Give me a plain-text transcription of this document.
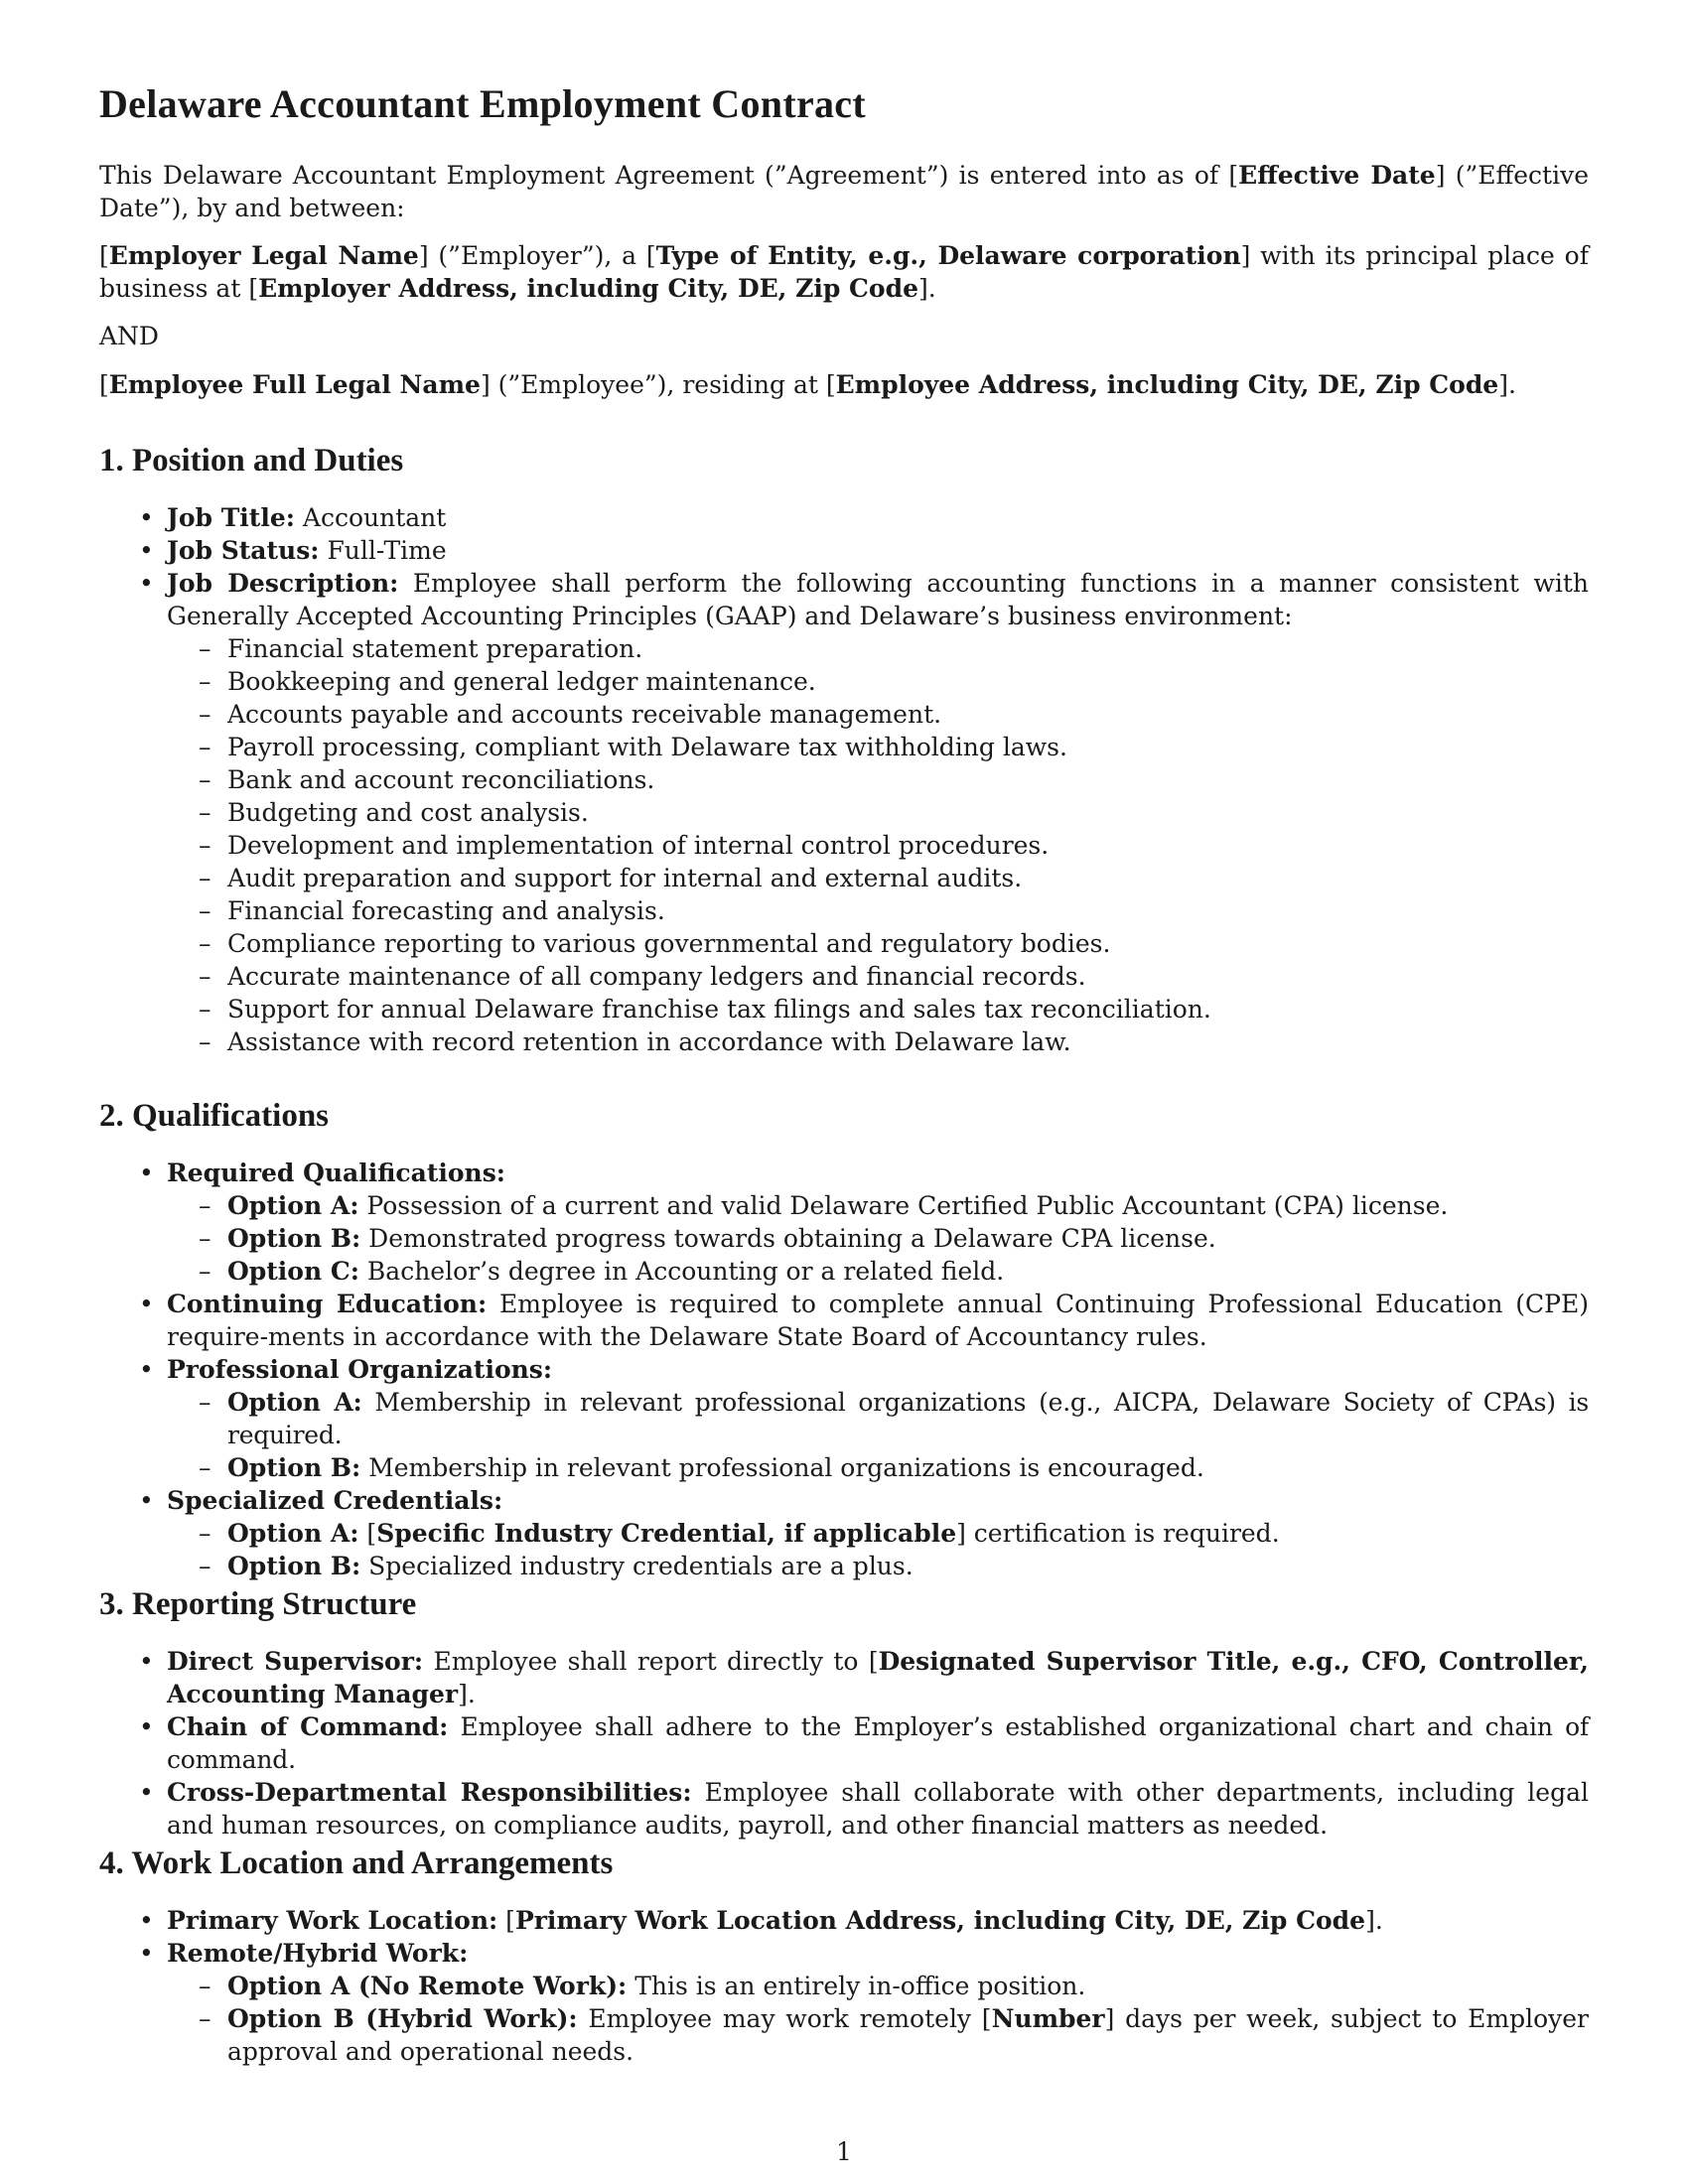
Delaware Accountant Employment Contract

This Delaware Accountant Employment Agreement (”Agreement”) is entered into as of [Effective Date] (”Effective Date”), by and between:

[Employer Legal Name] (”Employer”), a [Type of Entity, e.g., Delaware corporation] with its principal place of business at [Employer Address, including City, DE, Zip Code].

AND

[Employee Full Legal Name] (”Employee”), residing at [Employee Address, including City, DE, Zip Code].

1. Position and Duties
• Job Title: Accountant
• Job Status: Full-Time
• Job Description: Employee shall perform the following accounting functions in a manner consistent with Generally Accepted Accounting Principles (GAAP) and Delaware’s business environment:
– Financial statement preparation.
– Bookkeeping and general ledger maintenance.
– Accounts payable and accounts receivable management.
– Payroll processing, compliant with Delaware tax withholding laws.
– Bank and account reconciliations.
– Budgeting and cost analysis.
– Development and implementation of internal control procedures.
– Audit preparation and support for internal and external audits.
– Financial forecasting and analysis.
– Compliance reporting to various governmental and regulatory bodies.
– Accurate maintenance of all company ledgers and financial records.
– Support for annual Delaware franchise tax filings and sales tax reconciliation.
– Assistance with record retention in accordance with Delaware law.
2. Qualifications
• Required Qualifications:
– Option A: Possession of a current and valid Delaware Certified Public Accountant (CPA) license.
– Option B: Demonstrated progress towards obtaining a Delaware CPA license.
– Option C: Bachelor’s degree in Accounting or a related field.
• Continuing Education: Employee is required to complete annual Continuing Professional Education (CPE) require-ments in accordance with the Delaware State Board of Accountancy rules.
• Professional Organizations:
– Option A: Membership in relevant professional organizations (e.g., AICPA, Delaware Society of CPAs) is required.
– Option B: Membership in relevant professional organizations is encouraged.
• Specialized Credentials:
– Option A: [Specific Industry Credential, if applicable] certification is required.
– Option B: Specialized industry credentials are a plus.
3. Reporting Structure
• Direct Supervisor: Employee shall report directly to [Designated Supervisor Title, e.g., CFO, Controller, Accounting Manager].
• Chain of Command: Employee shall adhere to the Employer’s established organizational chart and chain of command.
• Cross-Departmental Responsibilities: Employee shall collaborate with other departments, including legal and human resources, on compliance audits, payroll, and other financial matters as needed.
4. Work Location and Arrangements
• Primary Work Location: [Primary Work Location Address, including City, DE, Zip Code].
• Remote/Hybrid Work:
– Option A (No Remote Work): This is an entirely in-office position.
– Option B (Hybrid Work): Employee may work remotely [Number] days per week, subject to Employer approval and operational needs.
1
